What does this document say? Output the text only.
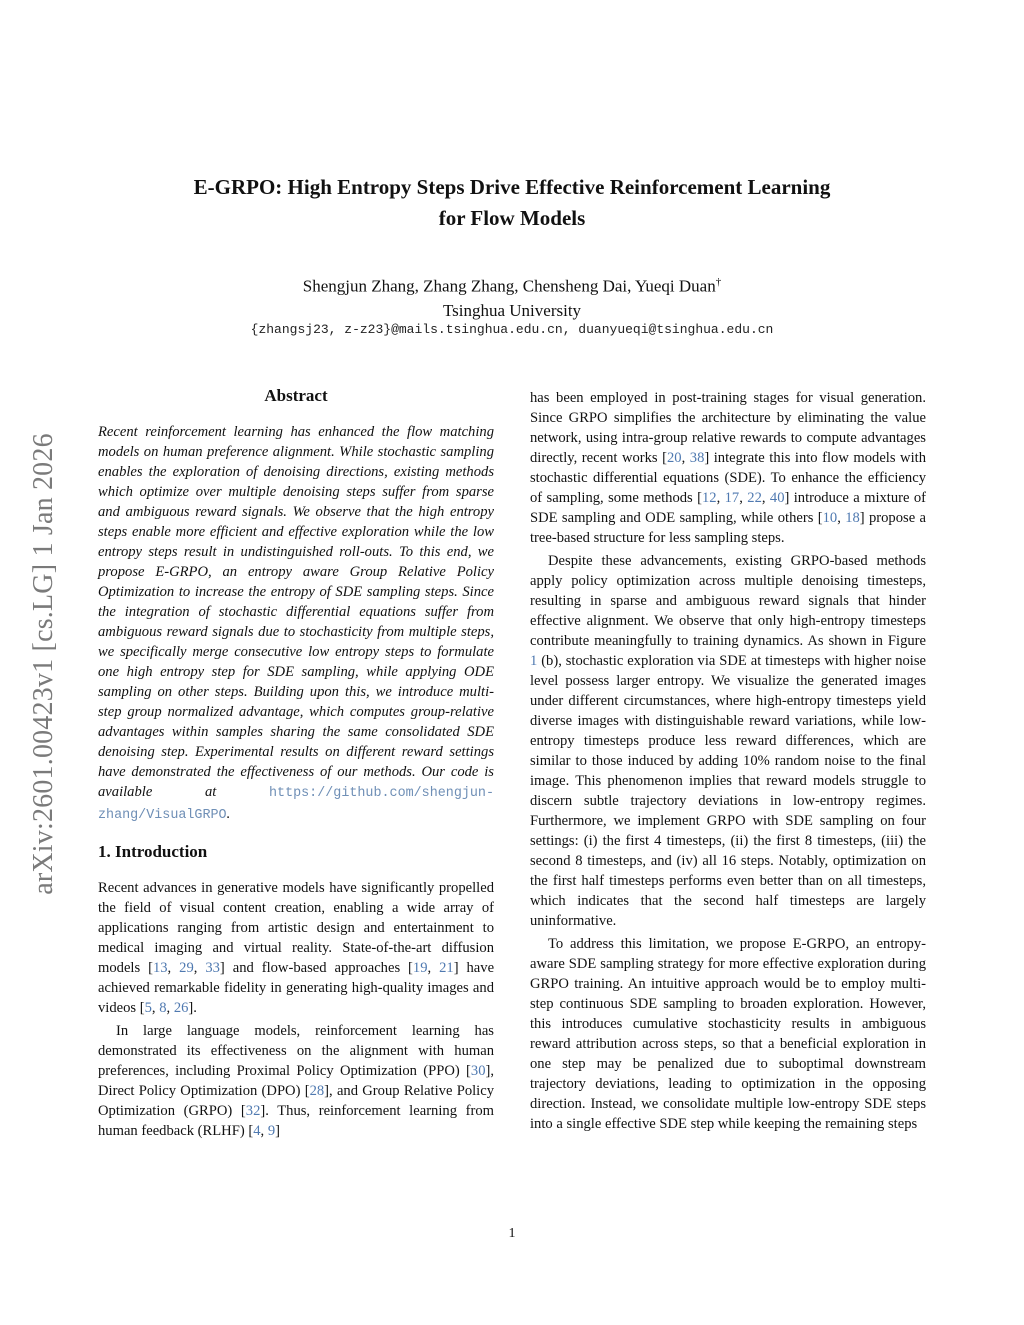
arXiv:2601.00423v1 [cs.LG] 1 Jan 2026
E-GRPO: High Entropy Steps Drive Effective Reinforcement Learning
for Flow Models
Shengjun Zhang, Zhang Zhang, Chensheng Dai, Yueqi Duan†
Tsinghua University
{zhangsj23, z-z23}@mails.tsinghua.edu.cn, duanyueqi@tsinghua.edu.cn
Abstract

Recent reinforcement learning has enhanced the flow matching models on human preference alignment. While stochastic sampling enables the exploration of denoising directions, existing methods which optimize over multiple denoising steps suffer from sparse and ambiguous reward signals. We observe that the high entropy steps enable more efficient and effective exploration while the low entropy steps result in undistinguished roll-outs. To this end, we propose E-GRPO, an entropy aware Group Relative Policy Optimization to increase the entropy of SDE sampling steps. Since the integration of stochastic differential equations suffer from ambiguous reward signals due to stochasticity from multiple steps, we specifically merge consecutive low entropy steps to formulate one high entropy step for SDE sampling, while applying ODE sampling on other steps. Building upon this, we introduce multi-step group normalized advantage, which computes group-relative advantages within samples sharing the same consolidated SDE denoising step. Experimental results on different reward settings have demonstrated the effectiveness of our methods. Our code is available at https://github.com/shengjun-zhang/VisualGRPO.

1. Introduction

Recent advances in generative models have significantly propelled the field of visual content creation, enabling a wide array of applications ranging from artistic design and entertainment to medical imaging and virtual reality. State-of-the-art diffusion models [13, 29, 33] and flow-based approaches [19, 21] have achieved remarkable fidelity in generating high-quality images and videos [5, 8, 26].

In large language models, reinforcement learning has demonstrated its effectiveness on the alignment with human preferences, including Proximal Policy Optimization (PPO) [30], Direct Policy Optimization (DPO) [28], and Group Relative Policy Optimization (GRPO) [32]. Thus, reinforcement learning from human feedback (RLHF) [4, 9]

has been employed in post-training stages for visual generation. Since GRPO simplifies the architecture by eliminating the value network, using intra-group relative rewards to compute advantages directly, recent works [20, 38] integrate this into flow models with stochastic differential equations (SDE). To enhance the efficiency of sampling, some methods [12, 17, 22, 40] introduce a mixture of SDE sampling and ODE sampling, while others [10, 18] propose a tree-based structure for less sampling steps.

Despite these advancements, existing GRPO-based methods apply policy optimization across multiple denoising timesteps, resulting in sparse and ambiguous reward signals that hinder effective alignment. We observe that only high-entropy timesteps contribute meaningfully to training dynamics. As shown in Figure 1 (b), stochastic exploration via SDE at timesteps with higher noise level possess larger entropy. We visualize the generated images under different circumstances, where high-entropy timesteps yield diverse images with distinguishable reward variations, while low-entropy timesteps produce less reward differences, which are similar to those induced by adding 10% random noise to the final image. This phenomenon implies that reward models struggle to discern subtle trajectory deviations in low-entropy regimes. Furthermore, we implement GRPO with SDE sampling on four settings: (i) the first 4 timesteps, (ii) the first 8 timesteps, (iii) the second 8 timesteps, and (iv) all 16 steps. Notably, optimization on the first half timesteps performs even better than on all timesteps, which indicates that the second half timesteps are largely uninformative.

To address this limitation, we propose E-GRPO, an entropy-aware SDE sampling strategy for more effective exploration during GRPO training. An intuitive approach would be to employ multi-step continuous SDE sampling to broaden exploration. However, this introduces cumulative stochasticity results in ambiguous reward attribution across steps, so that a beneficial exploration in one step may be penalized due to suboptimal downstream trajectory deviations, leading to optimization in the opposing direction. Instead, we consolidate multiple low-entropy SDE steps into a single effective SDE step while keeping the remaining steps

1
